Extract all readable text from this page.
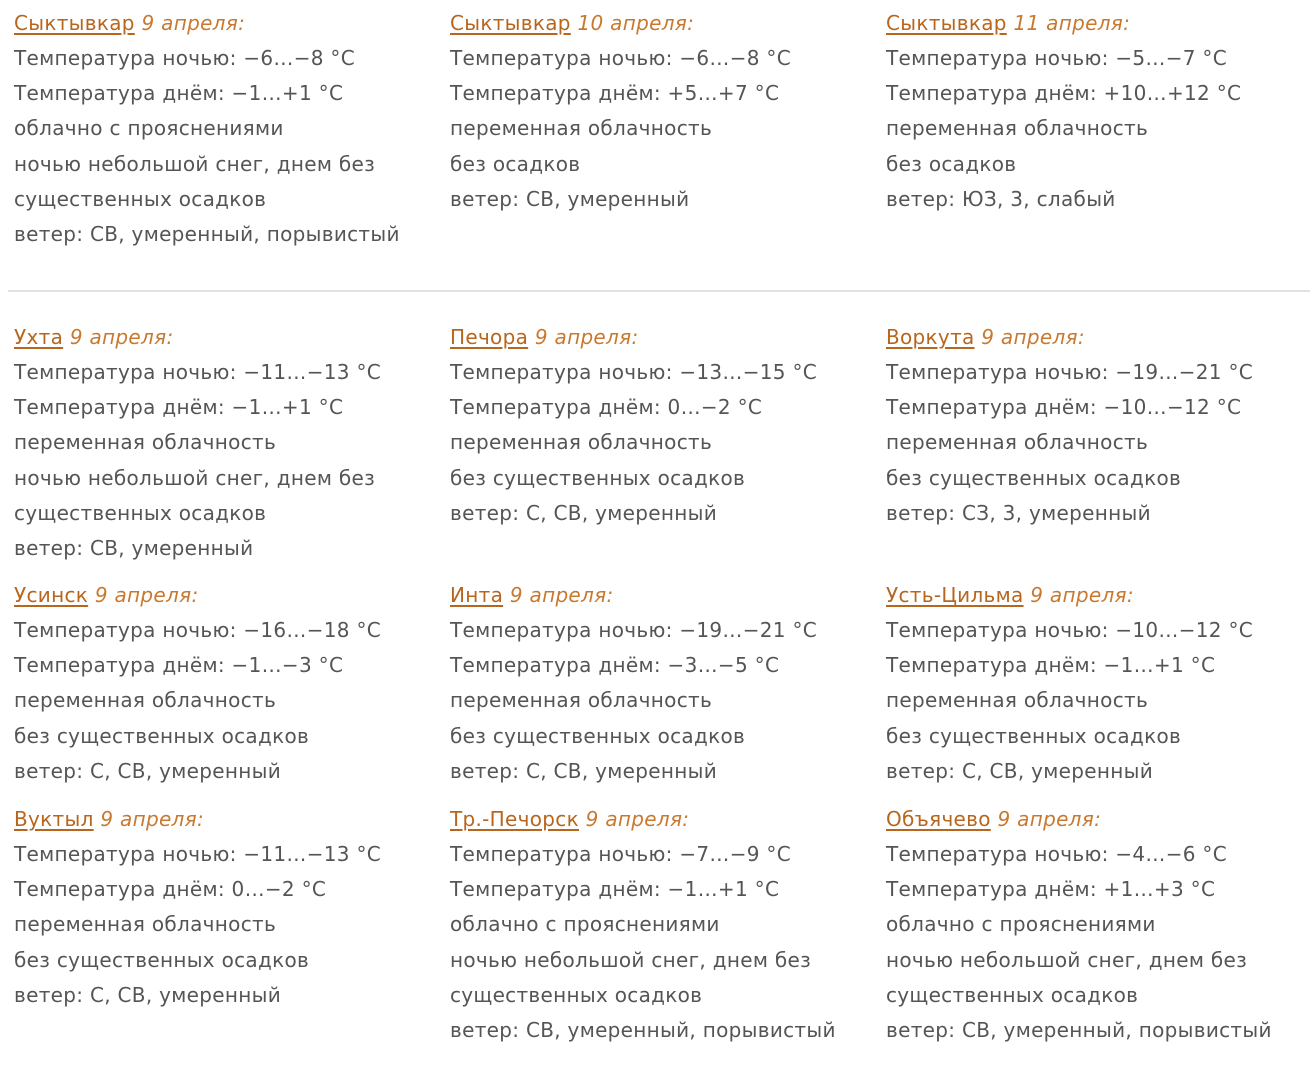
Сыктывкар 9 апреля:
Температура ночью: −6…−8 °C
Температура днём: −1…+1 °C
облачно с прояснениями
ночью небольшой снег, днем без
существенных осадков
ветер: СВ, умеренный, порывистый
Сыктывкар 10 апреля:
Температура ночью: −6…−8 °C
Температура днём: +5…+7 °C
переменная облачность
без осадков
ветер: СВ, умеренный
Сыктывкар 11 апреля:
Температура ночью: −5…−7 °C
Температура днём: +10…+12 °C
переменная облачность
без осадков
ветер: ЮЗ, 3, слабый
Ухта 9 апреля:
Температура ночью: −11…−13 °C
Температура днём: −1…+1 °C
переменная облачность
ночью небольшой снег, днем без
существенных осадков
ветер: СВ, умеренный
Печора 9 апреля:
Температура ночью: −13…−15 °C
Температура днём: 0…−2 °C
переменная облачность
без существенных осадков
ветер: С, СВ, умеренный
Воркута 9 апреля:
Температура ночью: −19…−21 °C
Температура днём: −10…−12 °C
переменная облачность
без существенных осадков
ветер: СЗ, 3, умеренный
Усинск 9 апреля:
Температура ночью: −16…−18 °C
Температура днём: −1…−3 °C
переменная облачность
без существенных осадков
ветер: С, СВ, умеренный
Инта 9 апреля:
Температура ночью: −19…−21 °C
Температура днём: −3…−5 °C
переменная облачность
без существенных осадков
ветер: С, СВ, умеренный
Усть-Цильма 9 апреля:
Температура ночью: −10…−12 °C
Температура днём: −1…+1 °C
переменная облачность
без существенных осадков
ветер: С, СВ, умеренный
Вуктыл 9 апреля:
Температура ночью: −11…−13 °C
Температура днём: 0…−2 °C
переменная облачность
без существенных осадков
ветер: С, СВ, умеренный
Тр.-Печорск 9 апреля:
Температура ночью: −7…−9 °C
Температура днём: −1…+1 °C
облачно с прояснениями
ночью небольшой снег, днем без
существенных осадков
ветер: СВ, умеренный, порывистый
Объячево 9 апреля:
Температура ночью: −4…−6 °C
Температура днём: +1…+3 °C
облачно с прояснениями
ночью небольшой снег, днем без
существенных осадков
ветер: СВ, умеренный, порывистый
